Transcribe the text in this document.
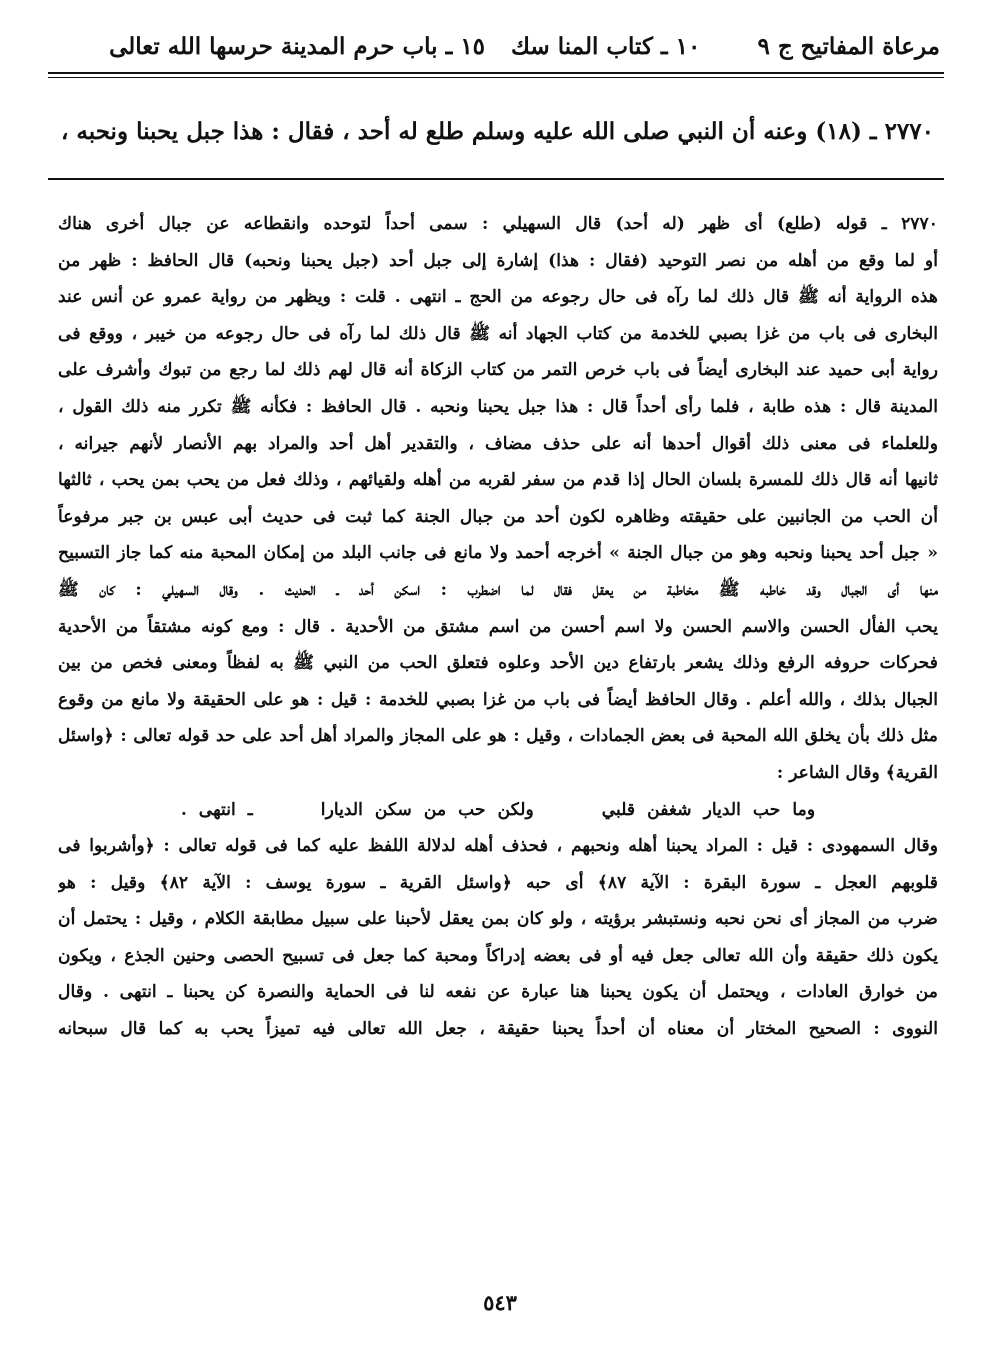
مرعاة المفاتيح ج ٩
١٠ ـ كتاب المنا سك
١٥ ـ باب حرم المدينة حرسها الله تعالى
٢٧٧٠ ـ (١٨) وعنه أن النبي صلى الله عليه وسلم طلع له أحد ، فقال : هذا جبل يحبنا ونحبه ،
٢٧٧٠ ـ قوله (طلع) أى ظهر (له أحد) قال السهيلي : سمى أحداً لتوحده وانقطاعه عن جبال أخرى هناك
أو لما وقع من أهله من نصر التوحيد (فقال : هذا) إشارة إلى جبل أحد (جبل يحبنا ونحبه) قال الحافظ : ظهر من
هذه الرواية أنه ﷺ قال ذلك لما رآه فى حال رجوعه من الحج ـ انتهى . قلت : ويظهر من رواية عمرو عن أنس عند
البخارى فى باب من غزا بصبي للخدمة من كتاب الجهاد أنه ﷺ قال ذلك لما رآه فى حال رجوعه من خيبر ، ووقع فى
رواية أبى حميد عند البخارى أيضاً فى باب خرص التمر من كتاب الزكاة أنه قال لهم ذلك لما رجع من تبوك وأشرف على
المدينة قال : هذه طابة ، فلما رأى أحداً قال : هذا جبل يحبنا ونحبه . قال الحافظ : فكأنه ﷺ تكرر منه ذلك القول ،
وللعلماء فى معنى ذلك أقوال أحدها أنه على حذف مضاف ، والتقدير أهل أحد والمراد بهم الأنصار لأنهم جيرانه ،
ثانيها أنه قال ذلك للمسرة بلسان الحال إذا قدم من سفر لقربه من أهله ولقيائهم ، وذلك فعل من يحب بمن يحب ، ثالثها
أن الحب من الجانبين على حقيقته وظاهره لكون أحد من جبال الجنة كما ثبت فى حديث أبى عبس بن جبر مرفوعاً
« جبل أحد يحبنا ونحبه وهو من جبال الجنة » أخرجه أحمد ولا مانع فى جانب البلد من إمكان المحبة منه كما جاز التسبيح
منها أى الجبال وقد خاطبه ﷺ مخاطبة من يعقل فقال لما اضطرب : اسكن أحد ـ الحديث . وقال السهيلي : كان ﷺ
يحب الفأل الحسن والاسم الحسن ولا اسم أحسن من اسم مشتق من الأحدية . قال : ومع كونه مشتقاً من الأحدية
فحركات حروفه الرفع وذلك يشعر بارتفاع دين الأحد وعلوه فتعلق الحب من النبي ﷺ به لفظاً ومعنى فخص من بين
الجبال بذلك ، والله أعلم . وقال الحافظ أيضاً فى باب من غزا بصبي للخدمة : قيل : هو على الحقيقة ولا مانع من وقوع
مثل ذلك بأن يخلق الله المحبة فى بعض الجمادات ، وقيل : هو على المجاز والمراد أهل أحد على حد قوله تعالى : ﴿واسئل
القرية﴾ وقال الشاعر :
وما حب الديار شغفن قلبي ولكن حب من سكن الديارا ـ انتهى .
وقال السمهودى : قيل : المراد يحبنا أهله ونحبهم ، فحذف أهله لدلالة اللفظ عليه كما فى قوله تعالى : ﴿وأشربوا فى
قلوبهم العجل ـ سورة البقرة : الآية ٨٧﴾ أى حبه ﴿واسئل القرية ـ سورة يوسف : الآية ٨٢﴾ وقيل : هو
ضرب من المجاز أى نحن نحبه ونستبشر برؤيته ، ولو كان بمن يعقل لأحبنا على سبيل مطابقة الكلام ، وقيل : يحتمل أن
يكون ذلك حقيقة وأن الله تعالى جعل فيه أو فى بعضه إدراكاً ومحبة كما جعل فى تسبيح الحصى وحنين الجذع ، ويكون
من خوارق العادات ، ويحتمل أن يكون يحبنا هنا عبارة عن نفعه لنا فى الحماية والنصرة كن يحبنا ـ انتهى . وقال
النووى : الصحيح المختار أن معناه أن أحداً يحبنا حقيقة ، جعل الله تعالى فيه تميزاً يحب به كما قال سبحانه
٥٤٣
